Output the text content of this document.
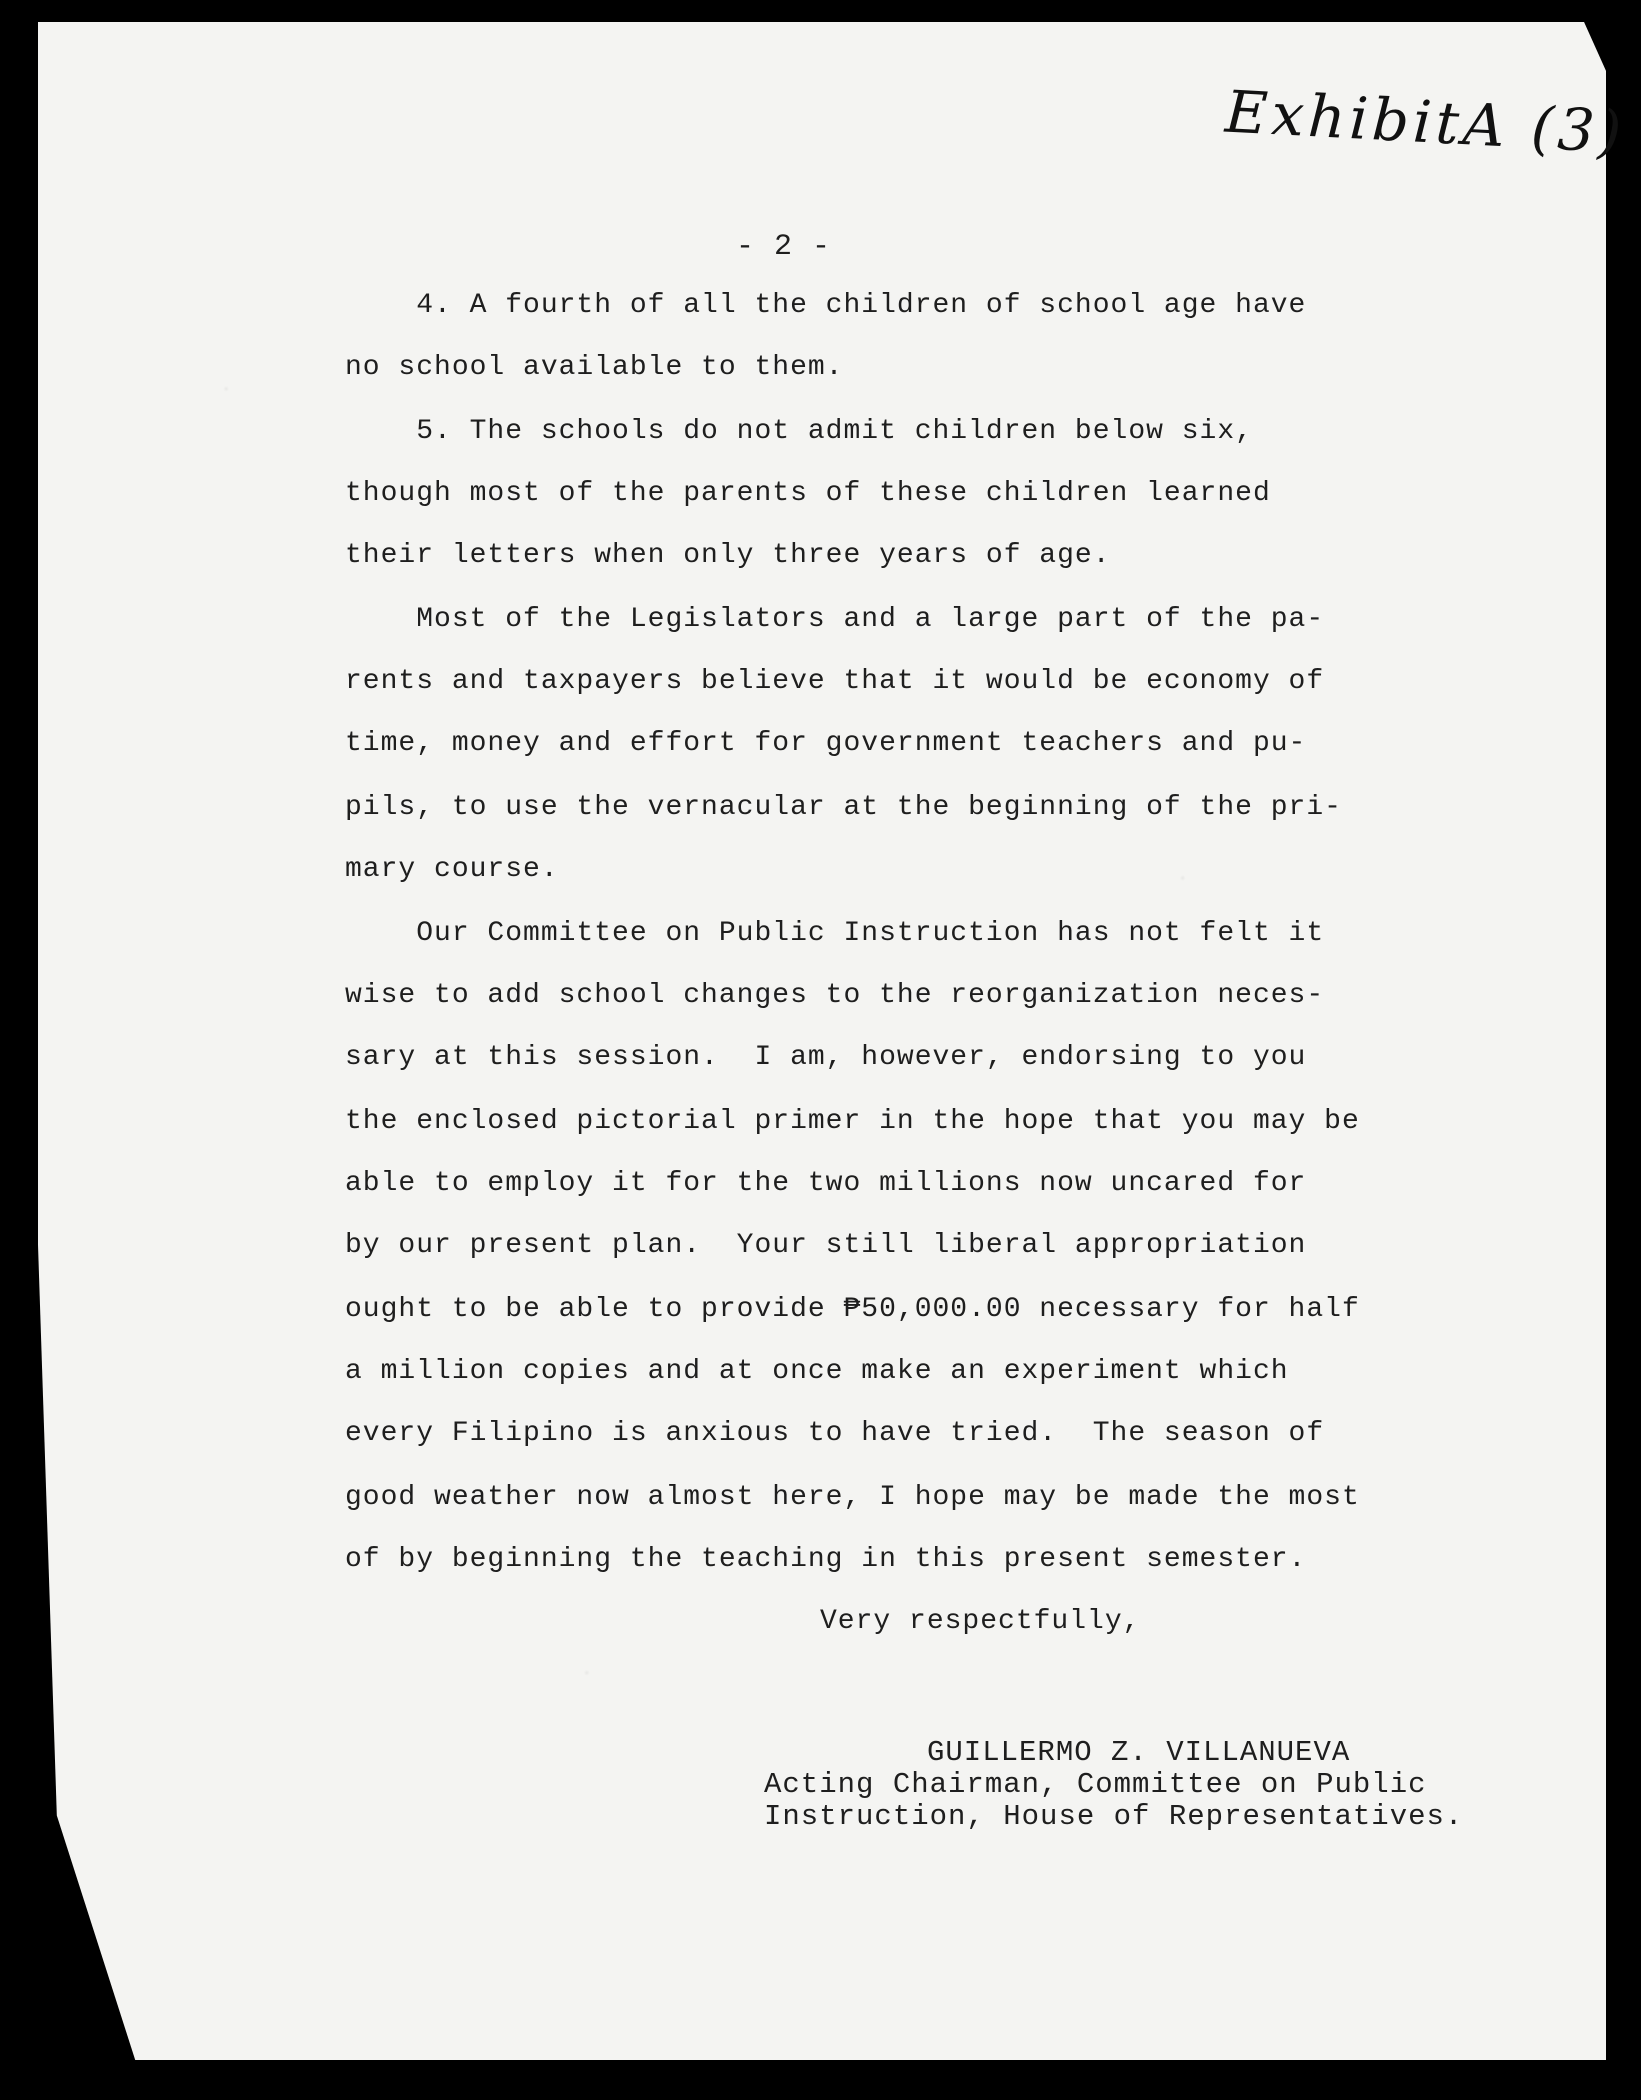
ExhibitA (3)
- 2 -
4. A fourth of all the children of school age have
no school available to them.
5. The schools do not admit children below six,
though most of the parents of these children learned
their letters when only three years of age.
Most of the Legislators and a large part of the pa-
rents and taxpayers believe that it would be economy of
time, money and effort for government teachers and pu-
pils, to use the vernacular at the beginning of the pri-
mary course.
Our Committee on Public Instruction has not felt it
wise to add school changes to the reorganization neces-
sary at this session.  I am, however, endorsing to you
the enclosed pictorial primer in the hope that you may be
able to employ it for the two millions now uncared for
by our present plan.  Your still liberal appropriation
ought to be able to provide ₱50,000.00 necessary for half
a million copies and at once make an experiment which
every Filipino is anxious to have tried.  The season of
good weather now almost here, I hope may be made the most
of by beginning the teaching in this present semester.
Very respectfully,
GUILLERMO Z. VILLANUEVA
Acting Chairman, Committee on Public
Instruction, House of Representatives.
